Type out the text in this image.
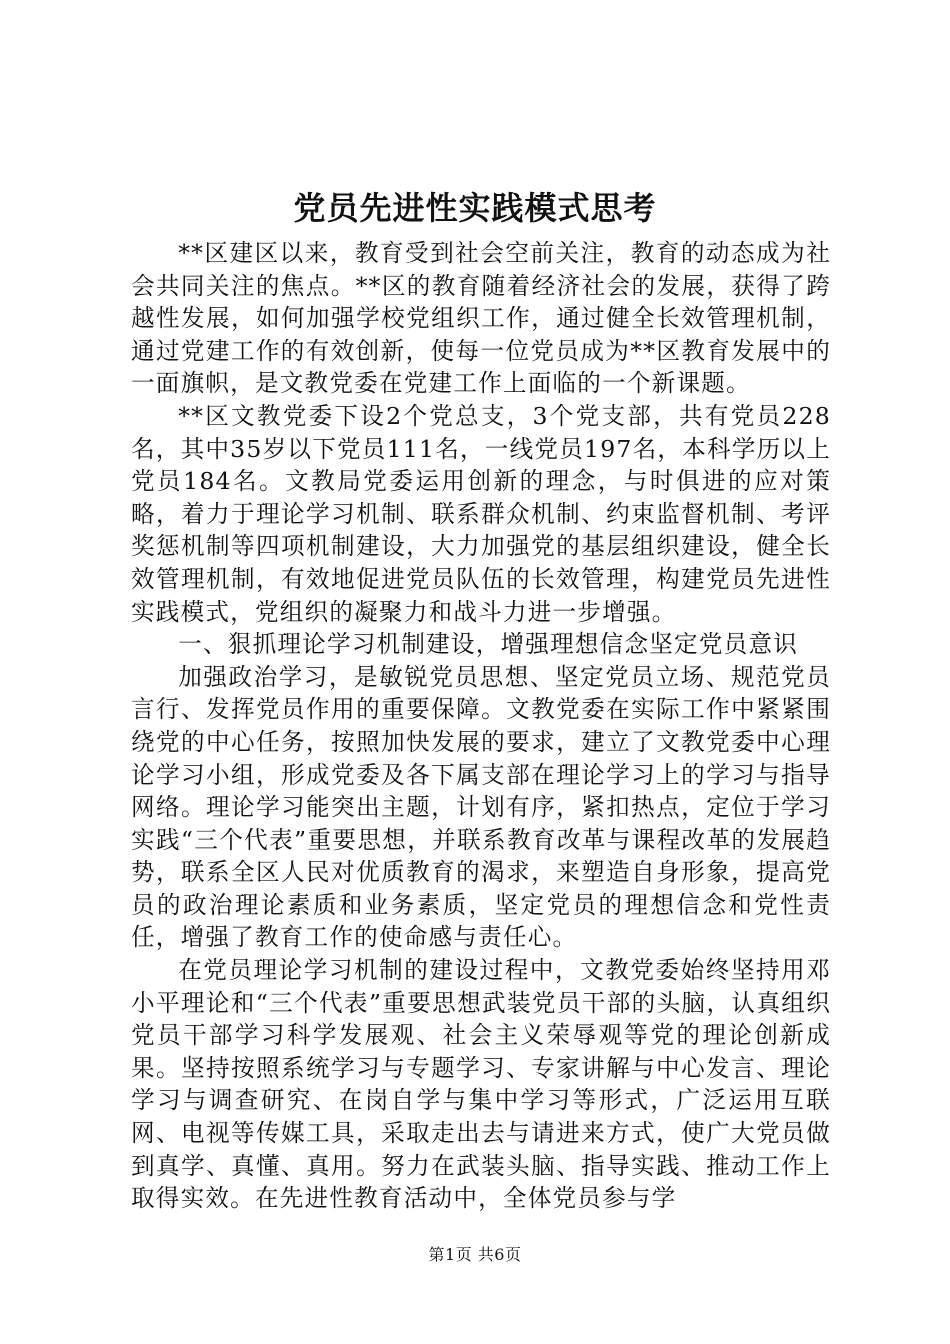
党员先进性实践模式思考

**区建区以来，教育受到社会空前关注，教育的动态成为社会共同关注的焦点。**区的教育随着经济社会的发展，获得了跨越性发展，如何加强学校党组织工作，通过健全长效管理机制，通过党建工作的有效创新，使每一位党员成为**区教育发展中的一面旗帜，是文教党委在党建工作上面临的一个新课题。

**区文教党委下设2个党总支，3个党支部，共有党员228名，其中35岁以下党员111名，一线党员197名，本科学历以上党员184名。文教局党委运用创新的理念，与时俱进的应对策略，着力于理论学习机制、联系群众机制、约束监督机制、考评奖惩机制等四项机制建设，大力加强党的基层组织建设，健全长效管理机制，有效地促进党员队伍的长效管理，构建党员先进性实践模式，党组织的凝聚力和战斗力进一步增强。

一、狠抓理论学习机制建设，增强理想信念坚定党员意识

加强政治学习，是敏锐党员思想、坚定党员立场、规范党员言行、发挥党员作用的重要保障。文教党委在实际工作中紧紧围绕党的中心任务，按照加快发展的要求，建立了文教党委中心理论学习小组，形成党委及各下属支部在理论学习上的学习与指导网络。理论学习能突出主题，计划有序，紧扣热点，定位于学习实践“三个代表”重要思想，并联系教育改革与课程改革的发展趋势，联系全区人民对优质教育的渴求，来塑造自身形象，提高党员的政治理论素质和业务素质，坚定党员的理想信念和党性责任，增强了教育工作的使命感与责任心。

在党员理论学习机制的建设过程中，文教党委始终坚持用邓小平理论和“三个代表”重要思想武装党员干部的头脑，认真组织党员干部学习科学发展观、社会主义荣辱观等党的理论创新成果。坚持按照系统学习与专题学习、专家讲解与中心发言、理论学习与调查研究、在岗自学与集中学习等形式，广泛运用互联网、电视等传媒工具，采取走出去与请进来方式，使广大党员做到真学、真懂、真用。努力在武装头脑、指导实践、推动工作上取得实效。在先进性教育活动中，全体党员参与学

第1页 共6页
